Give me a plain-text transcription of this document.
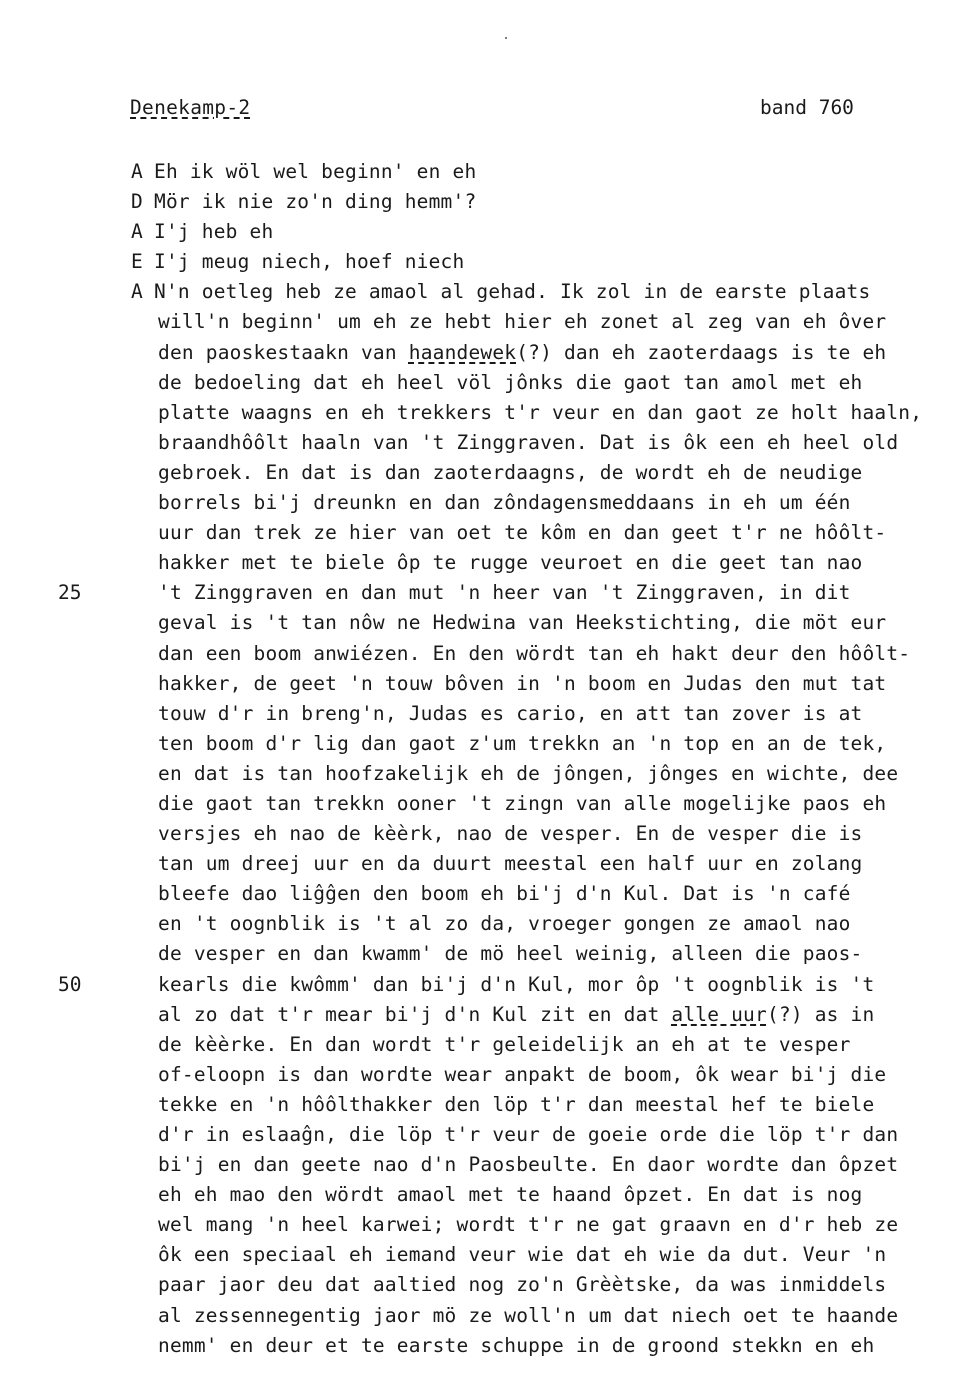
Denekamp-2	band 760
A Eh ik wöl wel beginn' en eh
D Mör ik nie zo'n ding hemm'?
A I'j heb eh
E I'j meug niech, hoef niech
A N'n oetleg heb ze amaol al gehad. Ik zol in de earste plaats
will'n beginn' um eh ze hebt hier eh zonet al zeg van eh ôver
den paoskestaakn van haandewek(?) dan eh zaoterdaags is te eh
de bedoeling dat eh heel völ jônks die gaot tan amol met eh
platte waagns en eh trekkers t'r veur en dan gaot ze holt haaln,
braandhôôlt haaln van 't Zinggraven. Dat is ôk een eh heel old
gebroek. En dat is dan zaoterdaagns, de wordt eh de neudige
borrels bi'j dreunkn en dan zôndagensmeddaans in eh um één
uur dan trek ze hier van oet te kôm en dan geet t'r ne hôôlt-
hakker met te biele ôp te rugge veuroet en die geet tan nao
't Zinggraven en dan mut 'n heer van 't Zinggraven, in dit
geval is 't tan nôw ne Hedwina van Heekstichting, die möt eur
dan een boom anwiézen. En den wördt tan eh hakt deur den hôôlt-
hakker, de geet 'n touw bôven in 'n boom en Judas den mut tat
touw d'r in breng'n, Judas es cario, en att tan zover is at
ten boom d'r lig dan gaot z'um trekkn an 'n top en an de tek,
en dat is tan hoofzakelijk eh de jôngen, jônges en wichte, dee
die gaot tan trekkn ooner 't zingn van alle mogelijke paos eh
versjes eh nao de kèèrk, nao de vesper. En de vesper die is
tan um dreej uur en da duurt meestal een half uur en zolang
bleefe dao liĝĝen den boom eh bi'j d'n Kul. Dat is 'n café
en 't oognblik is 't al zo da, vroeger gongen ze amaol nao
de vesper en dan kwamm' de mö heel weinig, alleen die paos-
kearls die kwômm' dan bi'j d'n Kul, mor ôp 't oognblik is 't
al zo dat t'r mear bi'j d'n Kul zit en dat alle uur(?) as in
de kèèrke. En dan wordt t'r geleidelijk an eh at te vesper
of-eloopn is dan wordte wear anpakt de boom, ôk wear bi'j die
tekke en 'n hôôlthakker den löp t'r dan meestal hef te biele
d'r in eslaaĝn, die löp t'r veur de goeie orde die löp t'r dan
bi'j en dan geete nao d'n Paosbeulte. En daor wordte dan ôpzet
eh eh mao den wördt amaol met te haand ôpzet. En dat is nog
wel mang 'n heel karwei; wordt t'r ne gat graavn en d'r heb ze
ôk een speciaal eh iemand veur wie dat eh wie da dut. Veur 'n
paar jaor deu dat aaltied nog zo'n Grèètske, da was inmiddels
al zessennegentig jaor mö ze woll'n um dat niech oet te haande
nemm' en deur et te earste schuppe in de groond stekkn en eh
25
50
